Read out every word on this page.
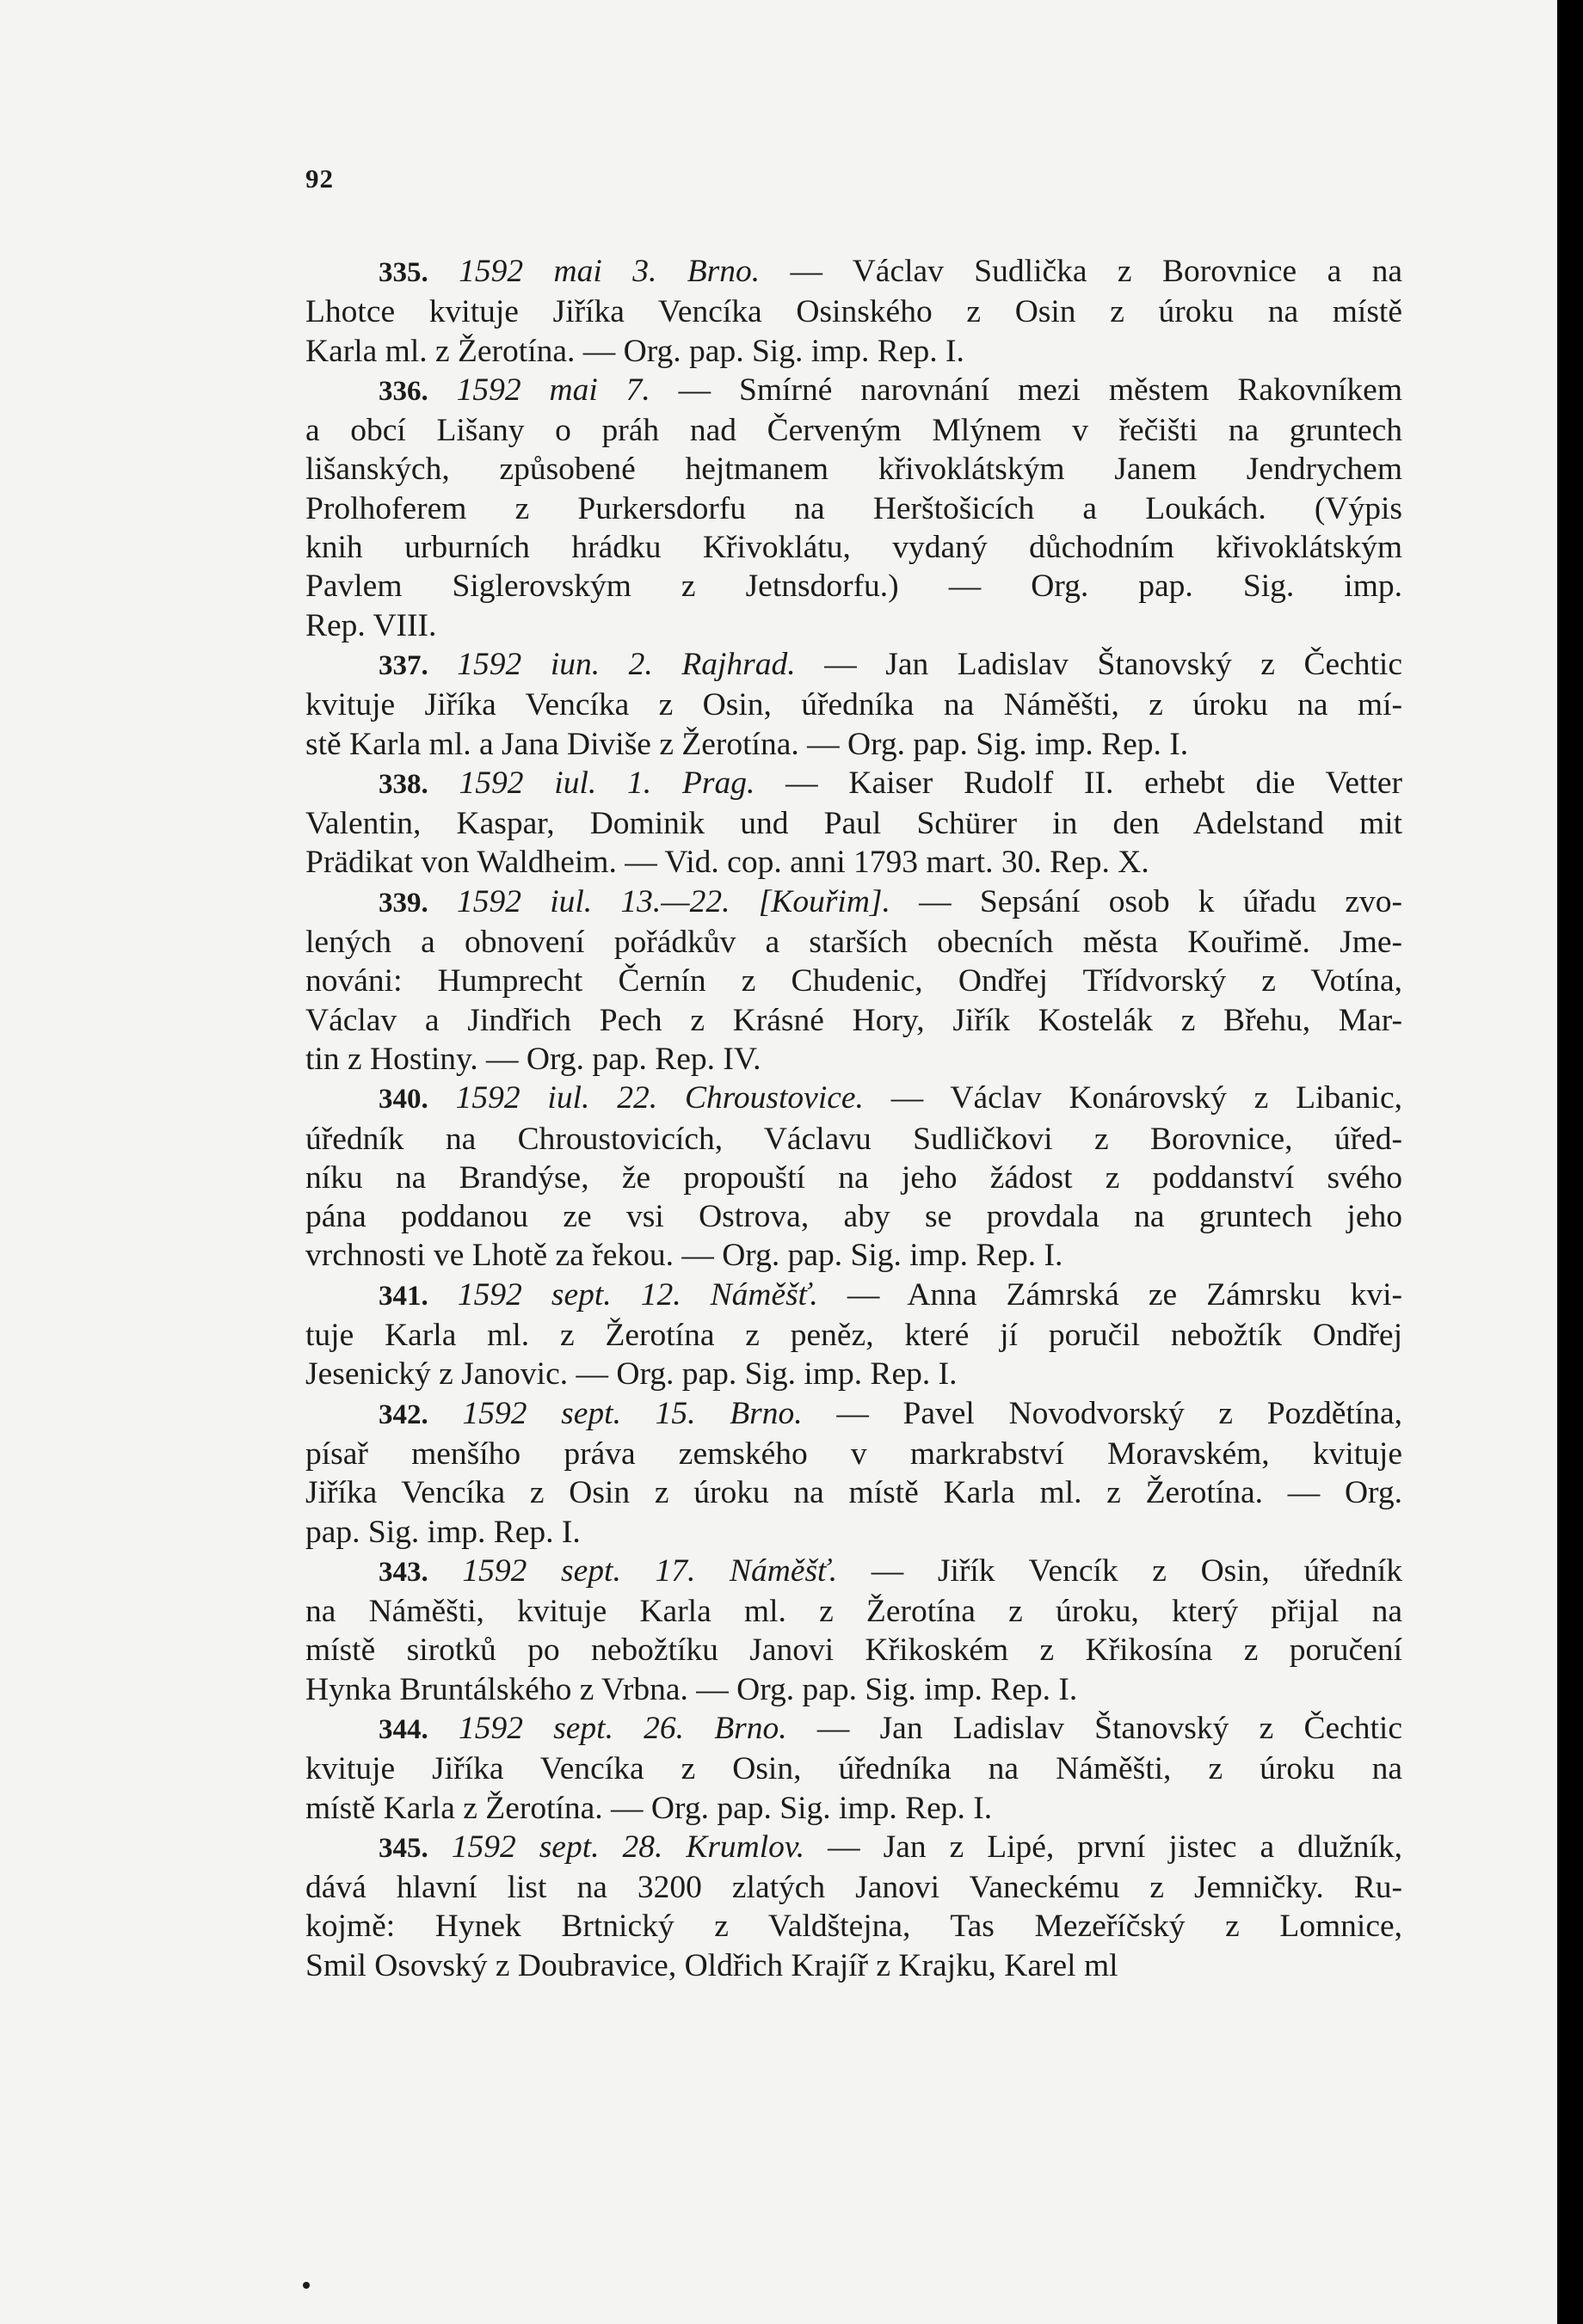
92
335. 1592 mai 3. Brno. — Václav Sudlička z Borovnice a na
Lhotce kvituje Jiříka Vencíka Osinského z Osin z úroku na místě
Karla ml. z Žerotína. — Org. pap. Sig. imp. Rep. I.
336. 1592 mai 7. — Smírné narovnání mezi městem Rakovníkem
a obcí Lišany o práh nad Červeným Mlýnem v řečišti na gruntech
lišanských, způsobené hejtmanem křivoklátským Janem Jendrychem
Prolhoferem z Purkersdorfu na Herštošicích a Loukách. (Výpis
knih urburních hrádku Křivoklátu, vydaný důchodním křivoklátským
Pavlem Siglerovským z Jetnsdorfu.) — Org. pap. Sig. imp.
Rep. VIII.
337. 1592 iun. 2. Rajhrad. — Jan Ladislav Štanovský z Čechtic
kvituje Jiříka Vencíka z Osin, úředníka na Náměšti, z úroku na mí-
stě Karla ml. a Jana Diviše z Žerotína. — Org. pap. Sig. imp. Rep. I.
338. 1592 iul. 1. Prag. — Kaiser Rudolf II. erhebt die Vetter
Valentin, Kaspar, Dominik und Paul Schürer in den Adelstand mit
Prädikat von Waldheim. — Vid. cop. anni 1793 mart. 30. Rep. X.
339. 1592 iul. 13.—22. [Kouřim]. — Sepsání osob k úřadu zvo-
lených a obnovení pořádkův a starších obecních města Kouřimě. Jme-
nováni: Humprecht Černín z Chudenic, Ondřej Třídvorský z Votína,
Václav a Jindřich Pech z Krásné Hory, Jiřík Kostelák z Břehu, Mar-
tin z Hostiny. — Org. pap. Rep. IV.
340. 1592 iul. 22. Chroustovice. — Václav Konárovský z Libanic,
úředník na Chroustovicích, Václavu Sudličkovi z Borovnice, úřed-
níku na Brandýse, že propouští na jeho žádost z poddanství svého
pána poddanou ze vsi Ostrova, aby se provdala na gruntech jeho
vrchnosti ve Lhotě za řekou. — Org. pap. Sig. imp. Rep. I.
341. 1592 sept. 12. Náměšť. — Anna Zámrská ze Zámrsku kvi-
tuje Karla ml. z Žerotína z peněz, které jí poručil nebožtík Ondřej
Jesenický z Janovic. — Org. pap. Sig. imp. Rep. I.
342. 1592 sept. 15. Brno. — Pavel Novodvorský z Pozdětína,
písař menšího práva zemského v markrabství Moravském, kvituje
Jiříka Vencíka z Osin z úroku na místě Karla ml. z Žerotína. — Org.
pap. Sig. imp. Rep. I.
343. 1592 sept. 17. Náměšť. — Jiřík Vencík z Osin, úředník
na Náměšti, kvituje Karla ml. z Žerotína z úroku, který přijal na
místě sirotků po nebožtíku Janovi Křikoském z Křikosína z poručení
Hynka Bruntálského z Vrbna. — Org. pap. Sig. imp. Rep. I.
344. 1592 sept. 26. Brno. — Jan Ladislav Štanovský z Čechtic
kvituje Jiříka Vencíka z Osin, úředníka na Náměšti, z úroku na
místě Karla z Žerotína. — Org. pap. Sig. imp. Rep. I.
345. 1592 sept. 28. Krumlov. — Jan z Lipé, první jistec a dlužník,
dává hlavní list na 3200 zlatých Janovi Vaneckému z Jemničky. Ru-
kojmě: Hynek Brtnický z Valdštejna, Tas Mezeříčský z Lomnice,
Smil Osovský z Doubravice, Oldřich Krajíř z Krajku, Karel ml
